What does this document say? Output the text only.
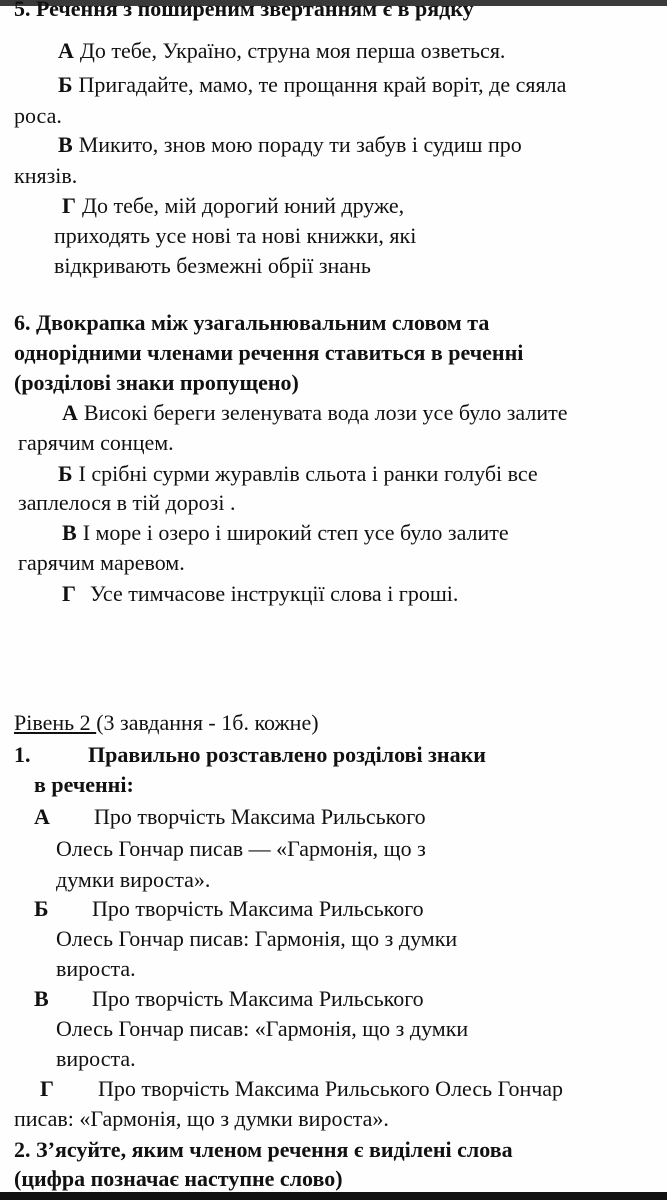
5. Речення з поширеним звертанням є в рядку
А До тебе, Україно, струна моя перша озветься.
Б Пригадайте, мамо, те прощання край воріт, де сяяла
роса.
В Микито, знов мою пораду ти забув і судиш про
князів.
Г До тебе, мій дорогий юний друже,
приходять усе нові та нові книжки, які
відкривають безмежні обрії знань
6. Двокрапка між узагальнювальним словом та
однорідними членами речення ставиться в реченні
(розділові знаки пропущено)
А Високі береги зеленувата вода лози усе було залите
гарячим сонцем.
Б І срібні сурми журавлів сльота і ранки голубі все
заплелося в тій дорозі .
В І море і озеро і широкий степ усе було залите
гарячим маревом.
Г Усе тимчасове інструкції слова і гроші.
Рівень 2 (3 завдання - 1б. кожне)
1.	Правильно розставлено розділові знаки
в реченні:
А Про творчість Максима Рильського
Олесь Гончар писав — «Гармонія, що з
думки вироста».
Б Про творчість Максима Рильського
Олесь Гончар писав: Гармонія, що з думки
вироста.
В Про творчість Максима Рильського
Олесь Гончар писав: «Гармонія, що з думки
вироста.
Г Про творчість Максима Рильського Олесь Гончар
писав: «Гармонія, що з думки вироста».
2. З’ясуйте, яким членом речення є виділені слова
(цифра позначає наступне слово)
